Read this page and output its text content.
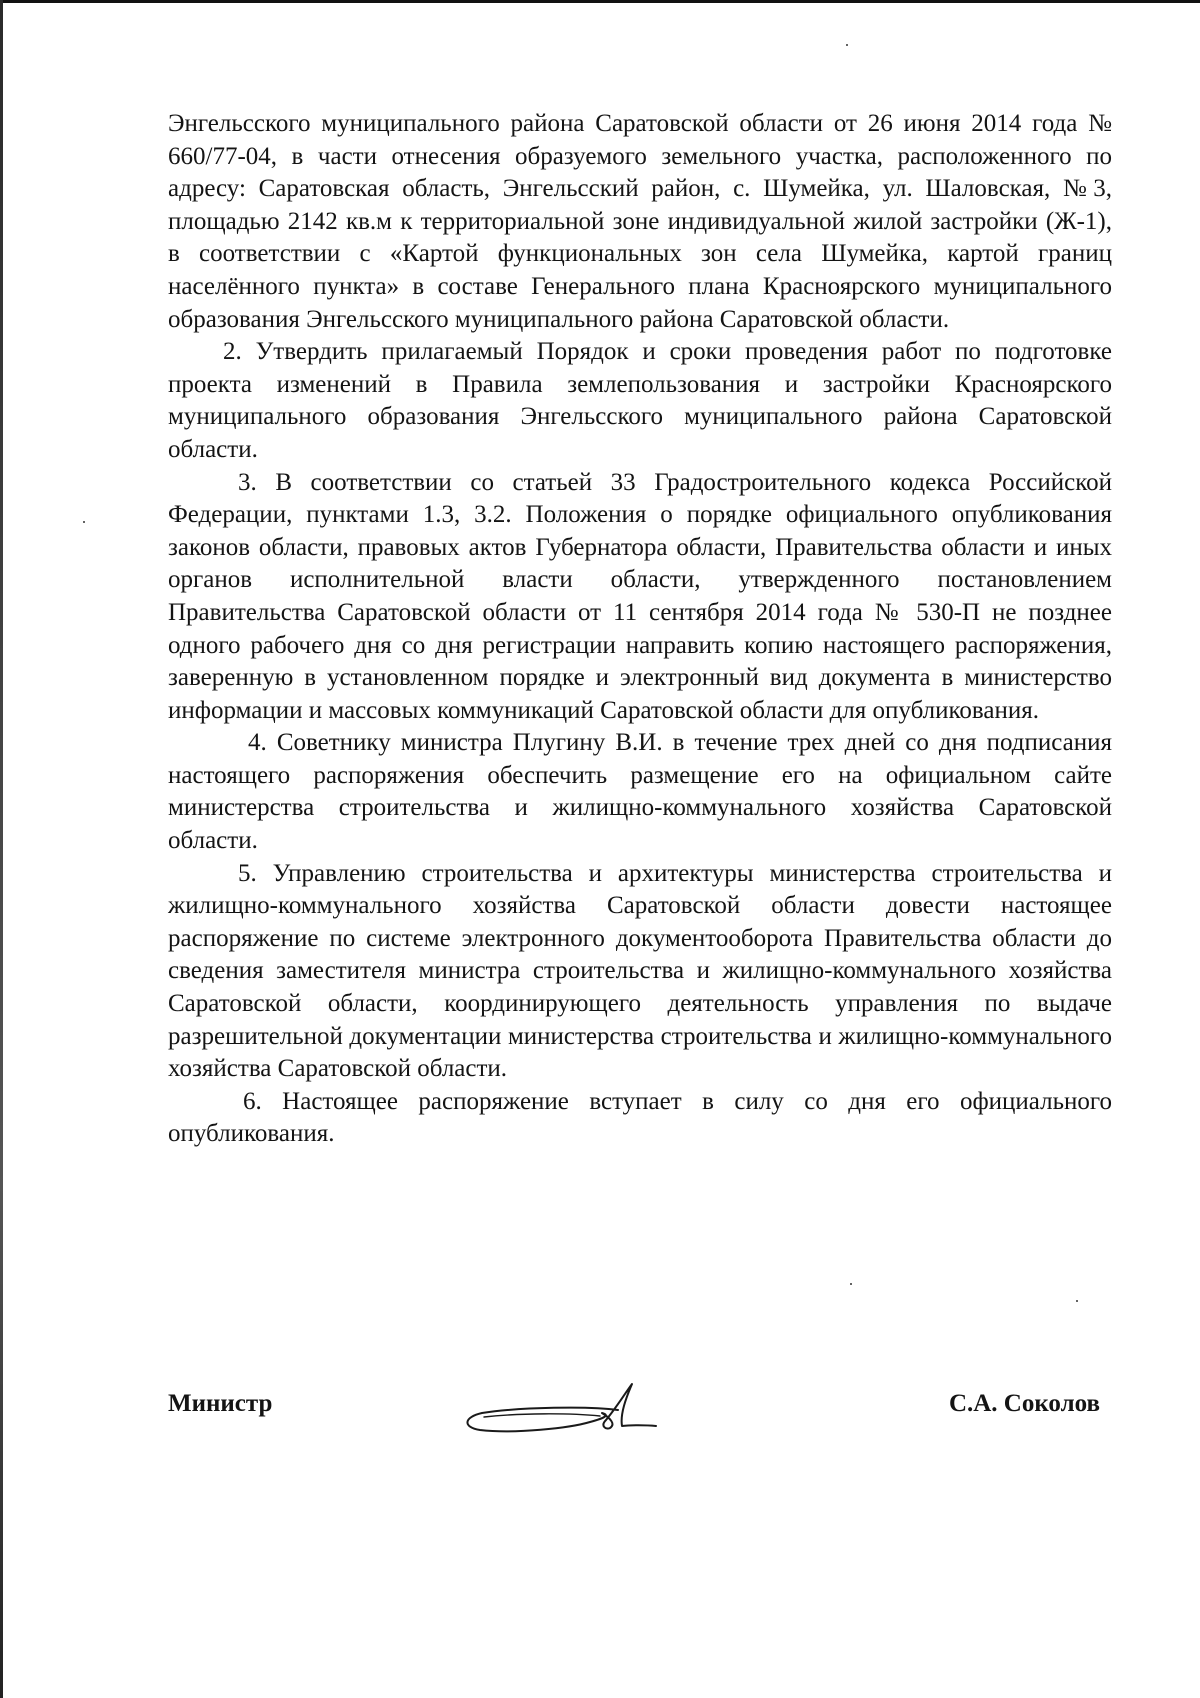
Энгельсского муниципального района Саратовской области от 26 июня 2014 года № 660/77-04, в части отнесения образуемого земельного участка, расположенного по адресу: Саратовская область, Энгельсский район, с. Шумейка, ул. Шаловская, №3, площадью 2142 кв.м к территориальной зоне индивидуальной жилой застройки (Ж-1), в соответствии с «Картой функциональных зон села Шумейка, картой границ населённого пункта» в составе Генерального плана Красноярского муниципального образования Энгельсского муниципального района Саратовской области.

2. Утвердить прилагаемый Порядок и сроки проведения работ по подготовке проекта изменений в Правила землепользования и застройки Красноярского муниципального образования Энгельсского муниципального района Саратовской области.

3. В соответствии со статьей 33 Градостроительного кодекса Российской Федерации, пунктами 1.3, 3.2. Положения о порядке официального опубликования законов области, правовых актов Губернатора области, Правительства области и иных органов исполнительной власти области, утвержденного постановлением Правительства Саратовской области от 11 сентября 2014 года № 530-П не позднее одного рабочего дня со дня регистрации направить копию настоящего распоряжения, заверенную в установленном порядке и электронный вид документа в министерство информации и массовых коммуникаций Саратовской области для опубликования.

4. Советнику министра Плугину В.И. в течение трех дней со дня подписания настоящего распоряжения обеспечить размещение его на официальном сайте министерства строительства и жилищно-коммунального хозяйства Саратовской области.

5. Управлению строительства и архитектуры министерства строительства и жилищно-коммунального хозяйства Саратовской области довести настоящее распоряжение по системе электронного документооборота Правительства области до сведения заместителя министра строительства и жилищно-коммунального хозяйства Саратовской области, координирующего деятельность управления по выдаче разрешительной документации министерства строительства и жилищно-коммунального хозяйства Саратовской области.

6. Настоящее распоряжение вступает в силу со дня его официального опубликования.

Министр	С.А. Соколов
